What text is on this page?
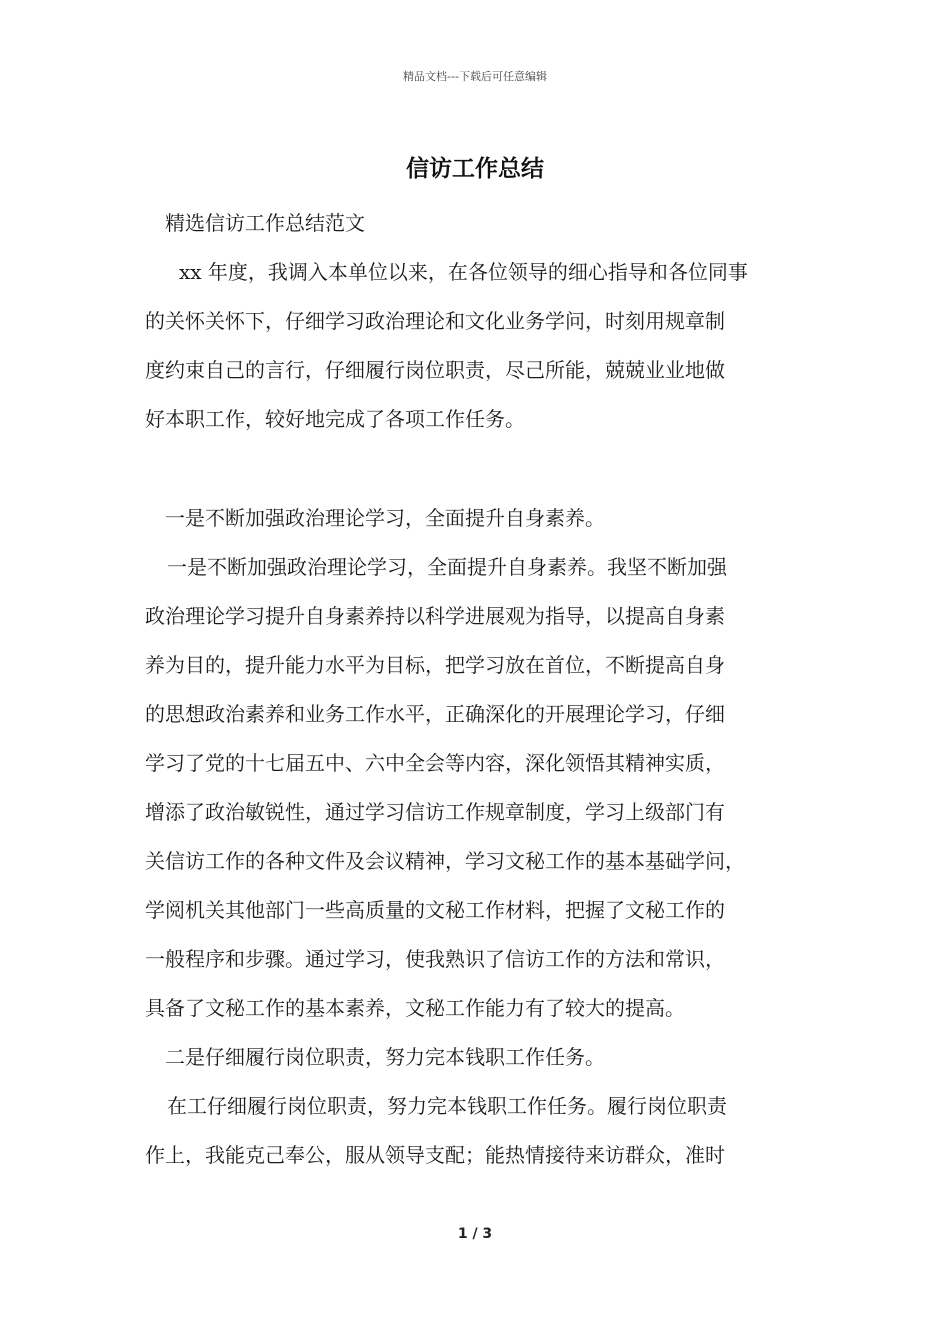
精品文档---下载后可任意编辑
信访工作总结
精选信访工作总结范文
xx 年度，我调入本单位以来，在各位领导的细心指导和各位同事
的关怀关怀下，仔细学习政治理论和文化业务学问，时刻用规章制
度约束自己的言行，仔细履行岗位职责，尽己所能，兢兢业业地做
好本职工作，较好地完成了各项工作任务。
一是不断加强政治理论学习，全面提升自身素养。
一是不断加强政治理论学习，全面提升自身素养。我坚不断加强
政治理论学习提升自身素养持以科学进展观为指导，以提高自身素
养为目的，提升能力水平为目标，把学习放在首位，不断提高自身
的思想政治素养和业务工作水平，正确深化的开展理论学习，仔细
学习了党的十七届五中、六中全会等内容，深化领悟其精神实质，
增添了政治敏锐性，通过学习信访工作规章制度，学习上级部门有
关信访工作的各种文件及会议精神，学习文秘工作的基本基础学问，
学阅机关其他部门一些高质量的文秘工作材料，把握了文秘工作的
一般程序和步骤。通过学习，使我熟识了信访工作的方法和常识，
具备了文秘工作的基本素养，文秘工作能力有了较大的提高。
二是仔细履行岗位职责，努力完本钱职工作任务。
在工仔细履行岗位职责，努力完本钱职工作任务。履行岗位职责
作上，我能克己奉公，服从领导支配；能热情接待来访群众，准时
1 / 3
